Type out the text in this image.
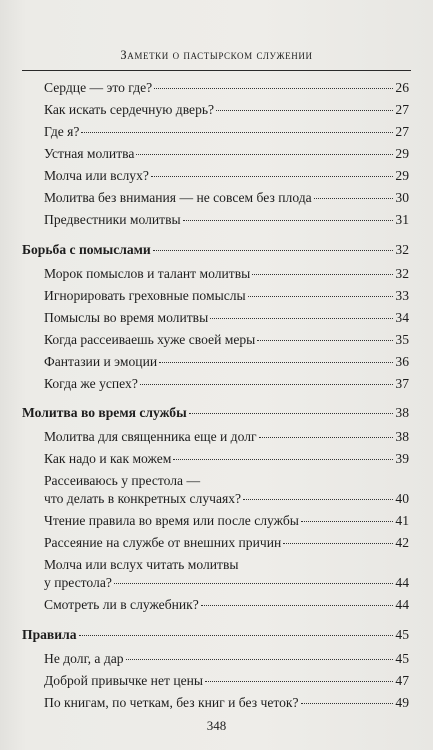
Заметки о пастырском служении
Сердце — это где?	26
Как искать сердечную дверь?	27
Где я?	27
Устная молитва	29
Молча или вслух?	29
Молитва без внимания — не совсем без плода	30
Предвестники молитвы	31
Борьба с помыслами	32
Морок помыслов и талант молитвы	32
Игнорировать греховные помыслы	33
Помыслы во время молитвы	34
Когда рассеиваешь хуже своей меры	35
Фантазии и эмоции	36
Когда же успех?	37
Молитва во время службы	38
Молитва для священника еще и долг	38
Как надо и как можем	39
Рассеиваюсь у престола —
что делать в конкретных случаях?	40
Чтение правила во время или после службы	41
Рассеяние на службе от внешних причин	42
Молча или вслух читать молитвы
у престола?	44
Смотреть ли в служебник?	44
Правила	45
Не долг, а дар	45
Доброй привычке нет цены	47
По книгам, по четкам, без книг и без четок?	49
348
